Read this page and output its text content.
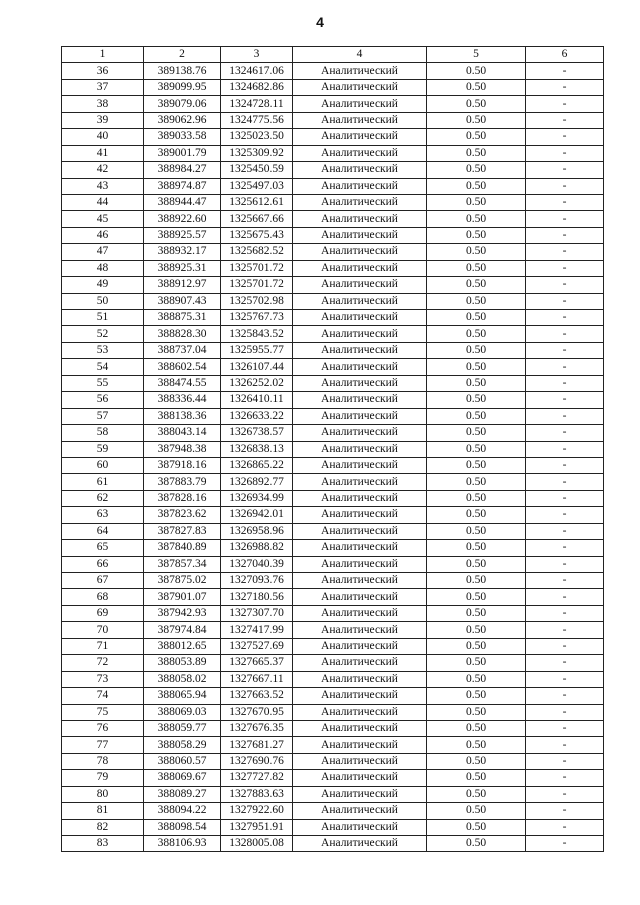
4
1	2	3	4	5	6
36	389138.76	1324617.06	Аналитический	0.50	-
37	389099.95	1324682.86	Аналитический	0.50	-
38	389079.06	1324728.11	Аналитический	0.50	-
39	389062.96	1324775.56	Аналитический	0.50	-
40	389033.58	1325023.50	Аналитический	0.50	-
41	389001.79	1325309.92	Аналитический	0.50	-
42	388984.27	1325450.59	Аналитический	0.50	-
43	388974.87	1325497.03	Аналитический	0.50	-
44	388944.47	1325612.61	Аналитический	0.50	-
45	388922.60	1325667.66	Аналитический	0.50	-
46	388925.57	1325675.43	Аналитический	0.50	-
47	388932.17	1325682.52	Аналитический	0.50	-
48	388925.31	1325701.72	Аналитический	0.50	-
49	388912.97	1325701.72	Аналитический	0.50	-
50	388907.43	1325702.98	Аналитический	0.50	-
51	388875.31	1325767.73	Аналитический	0.50	-
52	388828.30	1325843.52	Аналитический	0.50	-
53	388737.04	1325955.77	Аналитический	0.50	-
54	388602.54	1326107.44	Аналитический	0.50	-
55	388474.55	1326252.02	Аналитический	0.50	-
56	388336.44	1326410.11	Аналитический	0.50	-
57	388138.36	1326633.22	Аналитический	0.50	-
58	388043.14	1326738.57	Аналитический	0.50	-
59	387948.38	1326838.13	Аналитический	0.50	-
60	387918.16	1326865.22	Аналитический	0.50	-
61	387883.79	1326892.77	Аналитический	0.50	-
62	387828.16	1326934.99	Аналитический	0.50	-
63	387823.62	1326942.01	Аналитический	0.50	-
64	387827.83	1326958.96	Аналитический	0.50	-
65	387840.89	1326988.82	Аналитический	0.50	-
66	387857.34	1327040.39	Аналитический	0.50	-
67	387875.02	1327093.76	Аналитический	0.50	-
68	387901.07	1327180.56	Аналитический	0.50	-
69	387942.93	1327307.70	Аналитический	0.50	-
70	387974.84	1327417.99	Аналитический	0.50	-
71	388012.65	1327527.69	Аналитический	0.50	-
72	388053.89	1327665.37	Аналитический	0.50	-
73	388058.02	1327667.11	Аналитический	0.50	-
74	388065.94	1327663.52	Аналитический	0.50	-
75	388069.03	1327670.95	Аналитический	0.50	-
76	388059.77	1327676.35	Аналитический	0.50	-
77	388058.29	1327681.27	Аналитический	0.50	-
78	388060.57	1327690.76	Аналитический	0.50	-
79	388069.67	1327727.82	Аналитический	0.50	-
80	388089.27	1327883.63	Аналитический	0.50	-
81	388094.22	1327922.60	Аналитический	0.50	-
82	388098.54	1327951.91	Аналитический	0.50	-
83	388106.93	1328005.08	Аналитический	0.50	-
